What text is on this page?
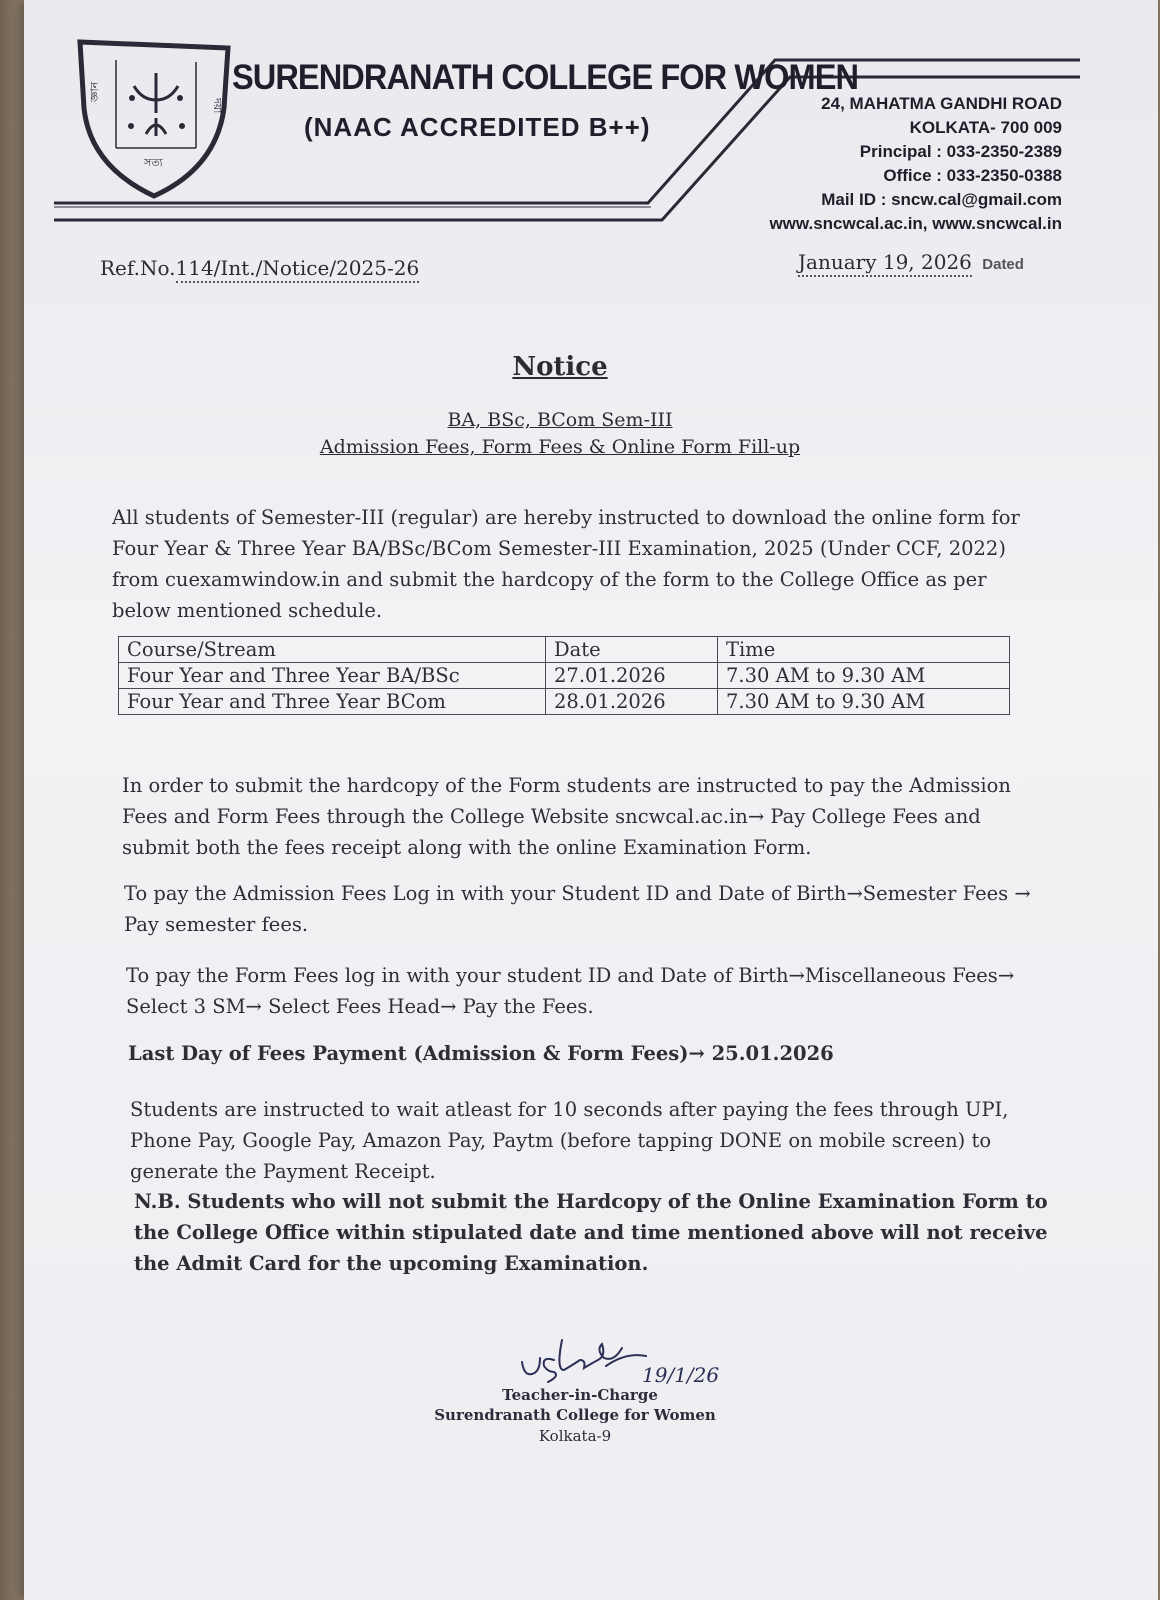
জ্ঞান
দয়া
সত্য
SURENDRANATH COLLEGE FOR WOMEN
(NAAC ACCREDITED B++)
24, MAHATMA GANDHI ROAD
KOLKATA- 700 009
Principal : 033-2350-2389
Office : 033-2350-0388
Mail ID : sncw.cal@gmail.com
www.sncwcal.ac.in, www.sncwcal.in
Ref.No.114/Int./Notice/2025-26	January 19, 2026 Dated
Notice
BA, BSc, BCom Sem-III
Admission Fees, Form Fees & Online Form Fill-up
All students of Semester-III (regular) are hereby instructed to download the online form for
Four Year & Three Year BA/BSc/BCom Semester-III Examination, 2025 (Under CCF, 2022)
from cuexamwindow.in and submit the hardcopy of the form to the College Office as per
below mentioned schedule.
Course/Stream	Date	Time
Four Year and Three Year BA/BSc	27.01.2026	7.30 AM to 9.30 AM
Four Year and Three Year BCom	28.01.2026	7.30 AM to 9.30 AM
In order to submit the hardcopy of the Form students are instructed to pay the Admission
Fees and Form Fees through the College Website sncwcal.ac.in→ Pay College Fees and
submit both the fees receipt along with the online Examination Form.
To pay the Admission Fees Log in with your Student ID and Date of Birth→Semester Fees →
Pay semester fees.
To pay the Form Fees log in with your student ID and Date of Birth→Miscellaneous Fees→
Select 3 SM→ Select Fees Head→ Pay the Fees.
Last Day of Fees Payment (Admission & Form Fees)→ 25.01.2026
Students are instructed to wait atleast for 10 seconds after paying the fees through UPI,
Phone Pay, Google Pay, Amazon Pay, Paytm (before tapping DONE on mobile screen) to
generate the Payment Receipt.
N.B. Students who will not submit the Hardcopy of the Online Examination Form to
the College Office within stipulated date and time mentioned above will not receive
the Admit Card for the upcoming Examination.
19/1/26
Teacher-in-Charge
Surendranath College for Women
Kolkata-9
